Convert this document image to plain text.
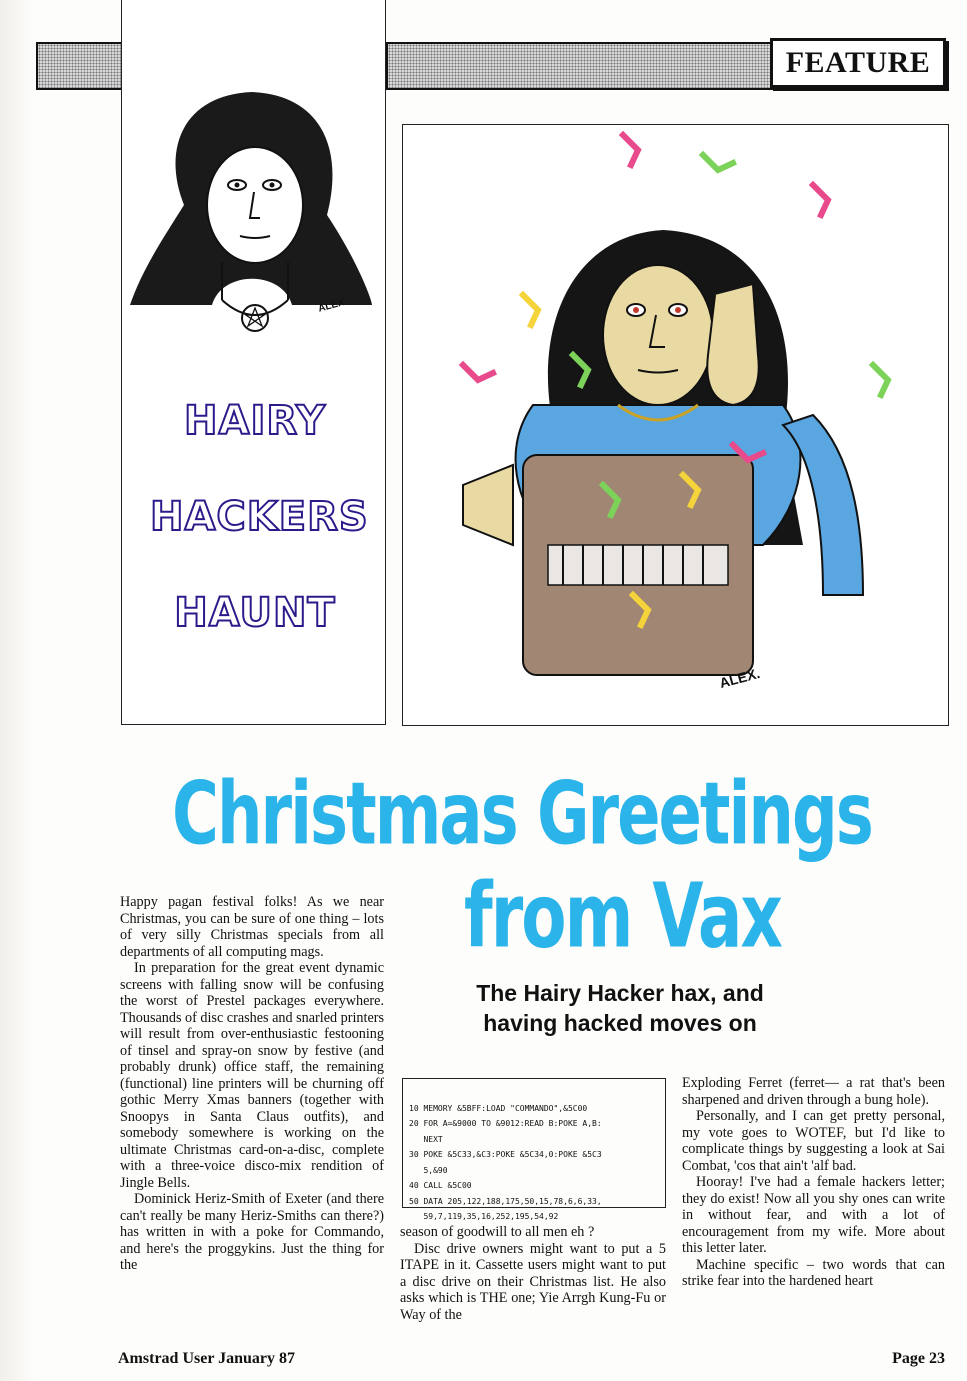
FEATURE
ALEX.
HAIRY
HACKERS
HAUNT
ALEX.
Christmas Greetings
from Vax
The Hairy Hacker hax, and having hacked moves on

Happy pagan festival folks! As we near Christmas, you can be sure of one thing – lots of very silly Christmas specials from all departments of all computing mags.

In preparation for the great event dynamic screens with falling snow will be confusing the worst of Prestel packages everywhere. Thousands of disc crashes and snarled printers will result from over-enthusiastic festooning of tinsel and spray-on snow by festive (and probably drunk) office staff, the remaining (functional) line printers will be churning off gothic Merry Xmas banners (together with Snoopys in Santa Claus outfits), and somebody somewhere is working on the ultimate Christmas card-on-a-disc, complete with a three-voice disco-mix rendition of Jingle Bells.

Dominick Heriz-Smith of Exeter (and there can't really be many Heriz-Smiths can there?) has written in with a poke for Commando, and here's the proggykins. Just the thing for the

10 MEMORY &5BFF:LOAD "COMMANDO",&5C00
20 FOR A=&9000 TO &9012:READ B:POKE A,B:
NEXT
30 POKE &5C33,&C3:POKE &5C34,0:POKE &5C3
5,&90
40 CALL &5C00
50 DATA 205,122,188,175,50,15,78,6,6,33,
59,7,119,35,16,252,195,54,92

season of goodwill to all men eh ?

Disc drive owners might want to put a 5 ITAPE in it. Cassette users might want to put a disc drive on their Christmas list. He also asks which is THE one; Yie Arrgh Kung-Fu or Way of the

Exploding Ferret (ferret— a rat that's been sharpened and driven through a bung hole).

Personally, and I can get pretty personal, my vote goes to WOTEF, but I'd like to complicate things by suggesting a look at Sai Combat, 'cos that ain't 'alf bad.

Hooray! I've had a female hackers letter; they do exist! Now all you shy ones can write in without fear, and with a lot of encouragement from my wife. More about this letter later.

Machine specific – two words that can strike fear into the hardened heart

Amstrad User January 87	Page 23
